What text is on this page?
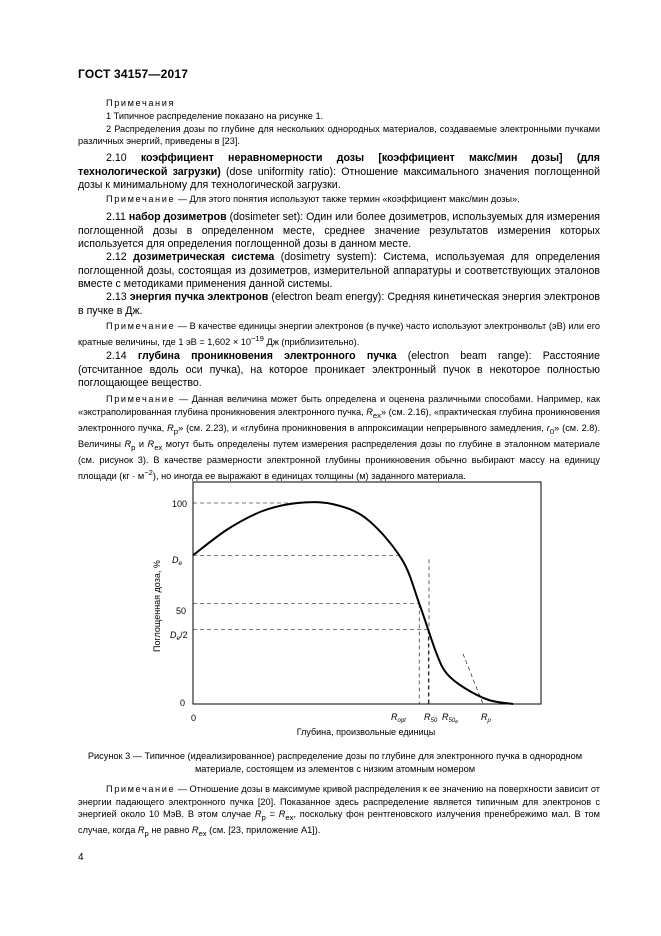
ГОСТ 34157—2017
Примечания

1 Типичное распределение показано на рисунке 1.

2 Распределения дозы по глубине для нескольких однородных материалов, создаваемые электронными пучками различных энергий, приведены в [23].

2.10 коэффициент неравномерности дозы [коэффициент макс/мин дозы] (для технологической загрузки) (dose uniformity ratio): Отношение максимального значения поглощенной дозы к минимальному для технологической загрузки.

Примечание — Для этого понятия используют также термин «коэффициент макс/мин дозы».

2.11 набор дозиметров (dosimeter set): Один или более дозиметров, используемых для измерения поглощенной дозы в определенном месте, среднее значение результатов измерения которых используется для определения поглощенной дозы в данном месте.

2.12 дозиметрическая система (dosimetry system): Система, используемая для определения поглощенной дозы, состоящая из дозиметров, измерительной аппаратуры и соответствующих эталонов вместе с методиками применения данной системы.

2.13 энергия пучка электронов (electron beam energy): Средняя кинетическая энергия электронов в пучке в Дж.

Примечание — В качестве единицы энергии электронов (в пучке) часто используют электронвольт (эВ) или его кратные величины, где 1 эВ = $1,602 \times 10^{-19}$ Дж (приблизительно).

2.14 глубина проникновения электронного пучка (electron beam range): Расстояние (отсчитанное вдоль оси пучка), на которое проникает электронный пучок в некоторое полностью поглощающее вещество.

Примечание — Данная величина может быть определена и оценена различными способами. Например, как «экстраполированная глубина проникновения электронного пучка, $R_{ex}$» (см. 2.16), «практическая глубина проникновения электронного пучка, $R_p$» (см. 2.23), и «глубина проникновения в аппроксимации непрерывного замедления, $r_0$» (см. 2.8). Величины $R_p$ и $R_{ex}$ могут быть определены путем измерения распределения дозы по глубине в эталонном материале (см. рисунок 3). В качестве размерности электронной глубины проникновения обычно выбирают массу на единицу площади $(кг \cdot м^{-2})$, но иногда ее выражают в единицах толщины (м) заданного материала.

100
$D_e$
50
$D_e/2$
0
Поглощенная доза, %
0	$R_{opt}$ $R_{50}$ $R_{50}e$	$R_p$
Глубина, произвольные единицы
Рисунок 3 — Типичное (идеализированное) распределение дозы по глубине для электронного пучка в однородном материале, состоящем из элементов с низким атомным номером

Примечание — Отношение дозы в максимуме кривой распределения к ее значению на поверхности зависит от энергии падающего электронного пучка [20]. Показанное здесь распределение является типичным для электронов с энергией около 10 МэВ. В этом случае $R_p = R_{ex}$, поскольку фон рентгеновского излучения пренебрежимо мал. В том случае, когда $R_p$ не равно $R_{ex}$ (см. [23, приложение А1]).

4
